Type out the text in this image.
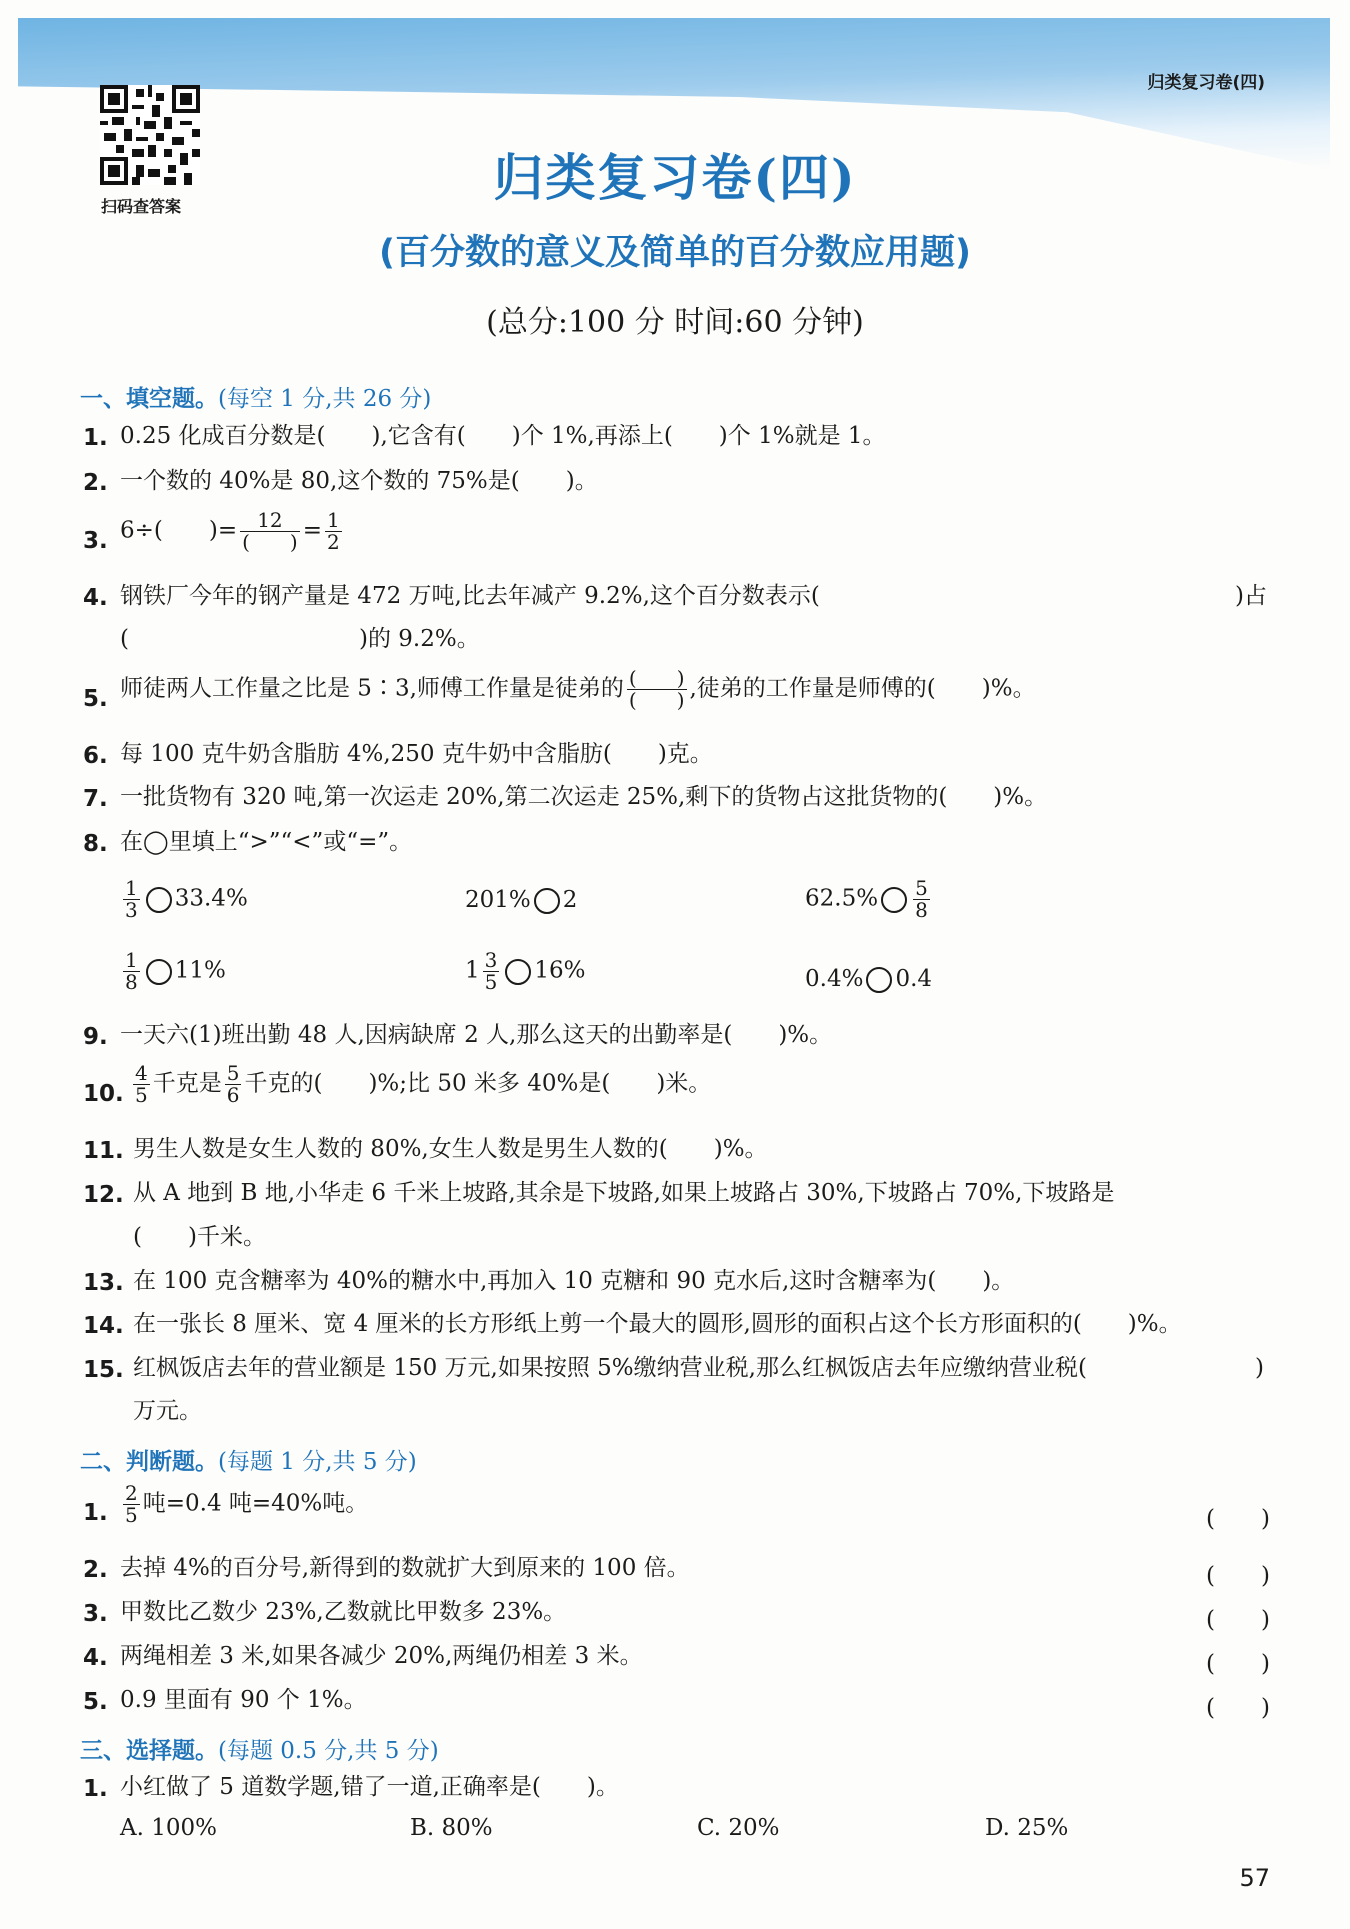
归类复习卷(四)
扫码查答案	归类复习卷(四)
(百分数的意义及简单的百分数应用题)
(总分:100 分 时间:60 分钟)
一、填空题。(每空 1 分,共 26 分)
1. 0.25 化成百分数是(　　),它含有(　　)个 1%,再添上(　　)个 1%就是 1。
2. 一个数的 40%是 80,这个数的 75%是(　　)。
3. 6÷(　　)= $\frac{12}{( )} = \frac{1}{2}$
4. 钢铁厂今年的钢产量是 472 万吨,比去年减产 9.2%,这个百分数表示(	)占
(　　　　　　　　　　)的 9.2%。
5. 师徒两人工作量之比是 5∶3,师傅工作量是徒弟的 $\frac{( )}{( )}$ ,徒弟的工作量是师傅的(　　)%。
6. 每 100 克牛奶含脂肪 4%,250 克牛奶中含脂肪(　　)克。
7. 一批货物有 320 吨,第一次运走 20%,第二次运走 25%,剩下的货物占这批货物的(　　)%。
8. 在◯里填上“>”“<”或“=”。
$\frac{1}{3} 33.4\%$	201% 2	$62.5\% \frac{5}{8}$
$\frac{1}{8} 11\%$	$1 \frac{3}{5} 16\%$	0.4% 0.4
9. 一天六(1)班出勤 48 人,因病缺席 2 人,那么这天的出勤率是(　　)%。
10. $\frac{4}{5}$ 千克是 $\frac{5}{6}$ 千克的(　　)%;比 50 米多 40%是(　　)米。
11. 男生人数是女生人数的 80%,女生人数是男生人数的(　　)%。
12. 从 A 地到 B 地,小华走 6 千米上坡路,其余是下坡路,如果上坡路占 30%,下坡路占 70%,下坡路是
(　　)千米。
13. 在 100 克含糖率为 40%的糖水中,再加入 10 克糖和 90 克水后,这时含糖率为(　　)。
14. 在一张长 8 厘米、宽 4 厘米的长方形纸上剪一个最大的圆形,圆形的面积占这个长方形面积的(　　)%。
15. 红枫饭店去年的营业额是 150 万元,如果按照 5%缴纳营业税,那么红枫饭店去年应缴纳营业税(	)
万元。
二、判断题。(每题 1 分,共 5 分)
1. $\frac{2}{5}$ 吨=0.4 吨=40%吨。
(　　)
2. 去掉 4%的百分号,新得到的数就扩大到原来的 100 倍。	(　　)
3. 甲数比乙数少 23%,乙数就比甲数多 23%。	(　　)
4. 两绳相差 3 米,如果各减少 20%,两绳仍相差 3 米。	(　　)
5. 0.9 里面有 90 个 1%。	(　　)
三、选择题。(每题 0.5 分,共 5 分)
1. 小红做了 5 道数学题,错了一道,正确率是(　　)。
A. 100%	B. 80%	C. 20%	D. 25%
57
